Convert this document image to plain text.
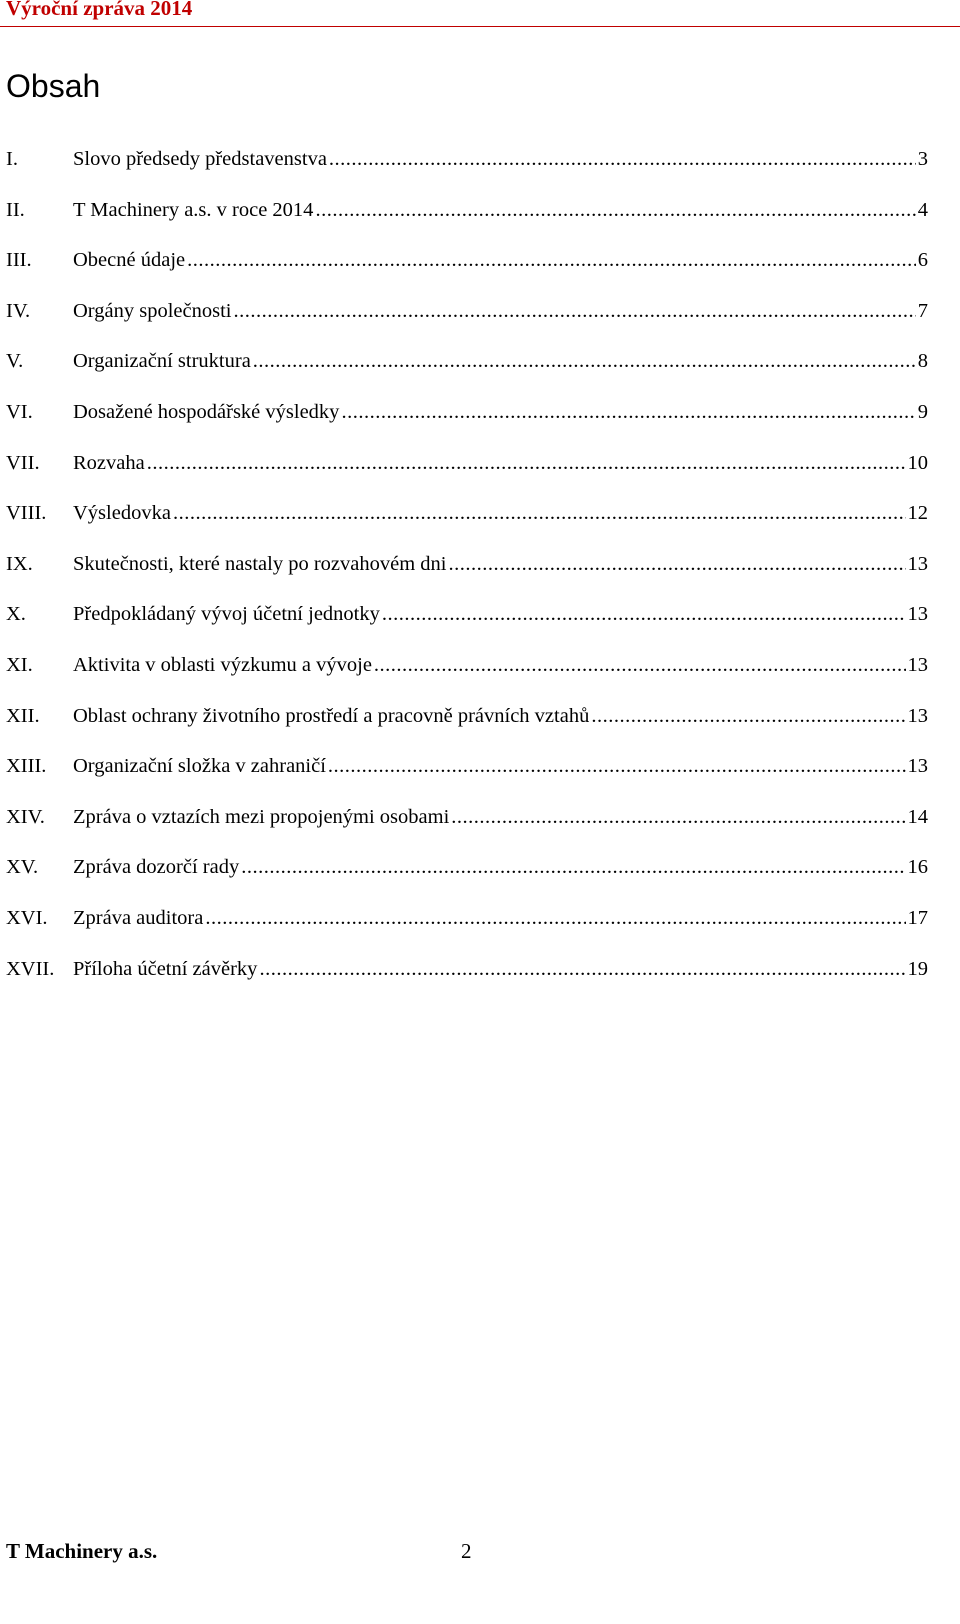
Výroční zpráva 2014
Obsah
I.	Slovo předsedy představenstva .....	3
II.	T Machinery a.s. v roce 2014 .....	4
III.	Obecné údaje .....	6
IV.	Orgány společnosti .....	7
V.	Organizační struktura .....	8
VI.	Dosažené hospodářské výsledky .....	9
VII.	Rozvaha .....	10
VIII.	Výsledovka .....	12
IX.	Skutečnosti, které nastaly po rozvahovém dni .....	13
X.	Předpokládaný vývoj účetní jednotky .....	13
XI.	Aktivita v oblasti výzkumu a vývoje .....	13
XII.	Oblast ochrany životního prostředí a pracovně právních vztahů .....	13
XIII.	Organizační složka v zahraničí .....	13
XIV.	Zpráva o vztazích mezi propojenými osobami .....	14
XV.	Zpráva dozorčí rady .....	16
XVI.	Zpráva auditora .....	17
XVII. Příloha účetní závěrky .....	19
T Machinery a.s.	2
